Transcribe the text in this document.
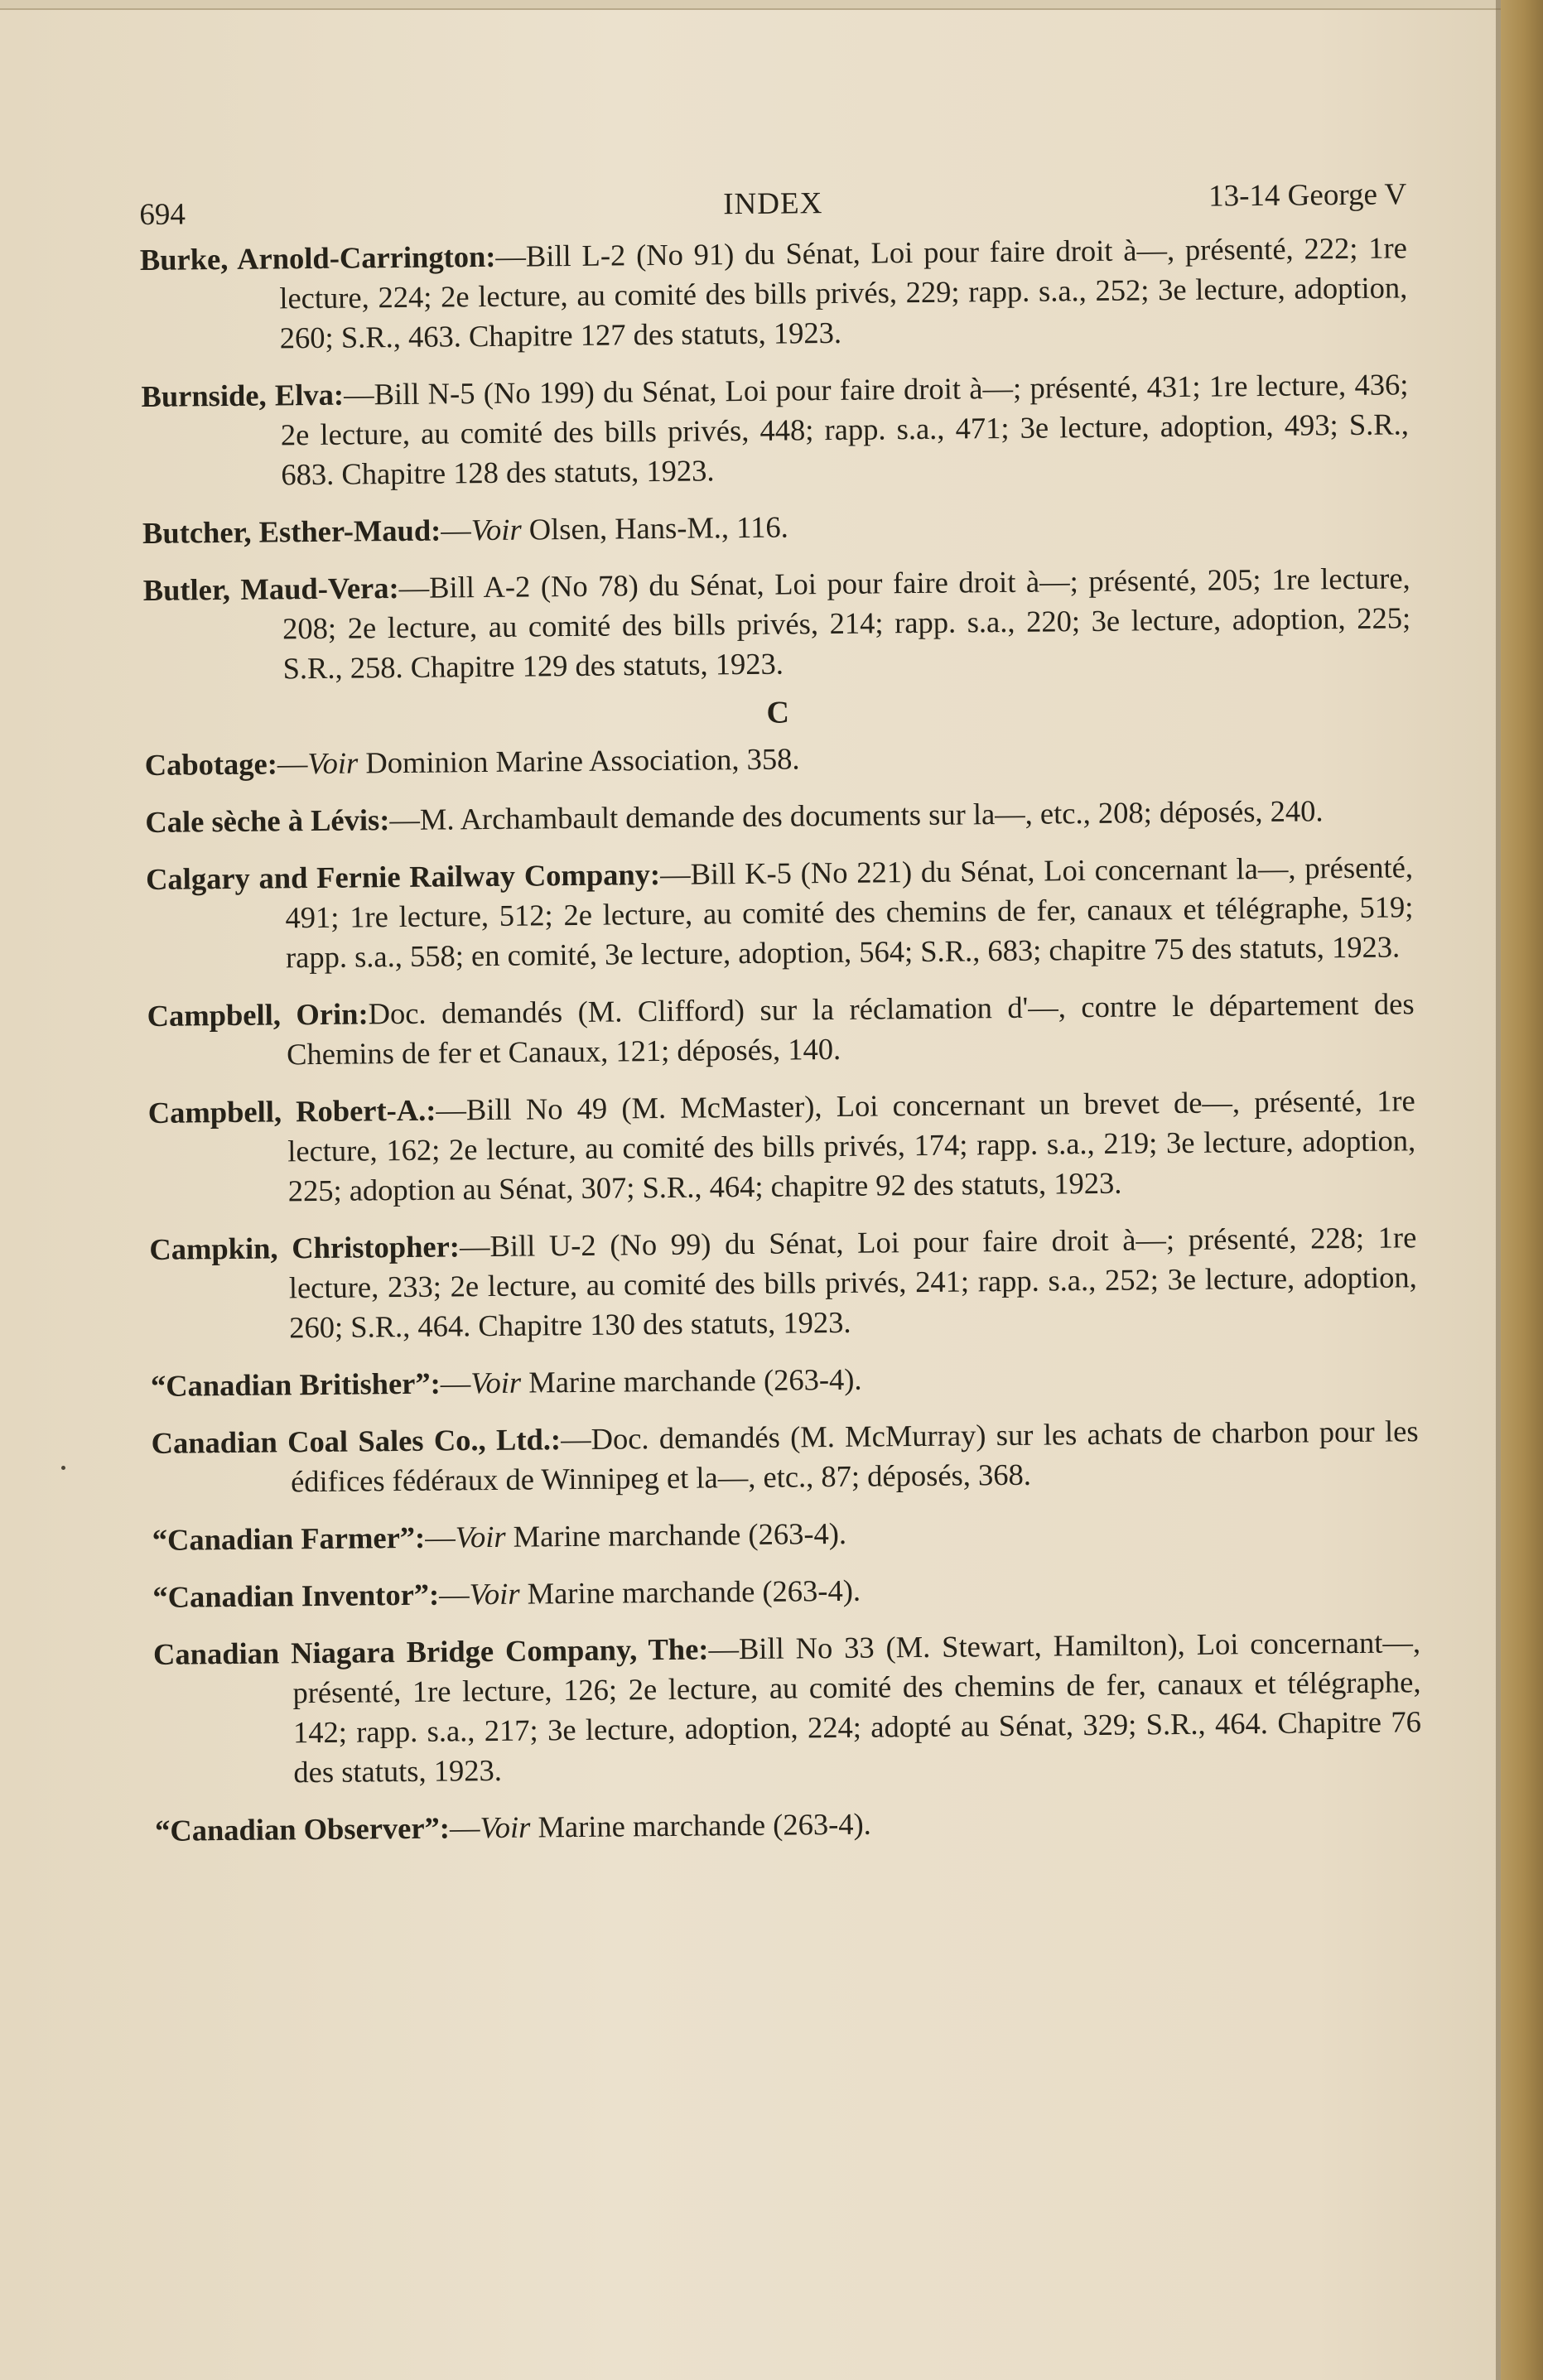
694	INDEX	13-14 George V

Burke, Arnold-Carrington:—Bill L-2 (No 91) du Sénat, Loi pour faire droit à—, présenté, 222; 1re lecture, 224; 2e lecture, au comité des bills privés, 229; rapp. s.a., 252; 3e lecture, adoption, 260; S.R., 463. Chapitre 127 des statuts, 1923.

Burnside, Elva:—Bill N-5 (No 199) du Sénat, Loi pour faire droit à—; présenté, 431; 1re lecture, 436; 2e lecture, au comité des bills privés, 448; rapp. s.a., 471; 3e lecture, adoption, 493; S.R., 683. Chapitre 128 des statuts, 1923.

Butcher, Esther-Maud:—Voir Olsen, Hans-M., 116.

Butler, Maud-Vera:—Bill A-2 (No 78) du Sénat, Loi pour faire droit à—; présenté, 205; 1re lecture, 208; 2e lecture, au comité des bills privés, 214; rapp. s.a., 220; 3e lecture, adoption, 225; S.R., 258. Chapitre 129 des statuts, 1923.

C

Cabotage:—Voir Dominion Marine Association, 358.

Cale sèche à Lévis:—M. Archambault demande des documents sur la—, etc., 208; déposés, 240.

Calgary and Fernie Railway Company:—Bill K-5 (No 221) du Sénat, Loi concernant la—, présenté, 491; 1re lecture, 512; 2e lecture, au comité des chemins de fer, canaux et télégraphe, 519; rapp. s.a., 558; en comité, 3e lecture, adoption, 564; S.R., 683; chapitre 75 des statuts, 1923.

Campbell, Orin:Doc. demandés (M. Clifford) sur la réclamation d'—, contre le département des Chemins de fer et Canaux, 121; déposés, 140.

Campbell, Robert-A.:—Bill No 49 (M. McMaster), Loi concernant un brevet de—, présenté, 1re lecture, 162; 2e lecture, au comité des bills privés, 174; rapp. s.a., 219; 3e lecture, adoption, 225; adoption au Sénat, 307; S.R., 464; chapitre 92 des statuts, 1923.

Campkin, Christopher:—Bill U-2 (No 99) du Sénat, Loi pour faire droit à—; présenté, 228; 1re lecture, 233; 2e lecture, au comité des bills privés, 241; rapp. s.a., 252; 3e lecture, adoption, 260; S.R., 464. Chapitre 130 des statuts, 1923.

“Canadian Britisher”:—Voir Marine marchande (263-4).

Canadian Coal Sales Co., Ltd.:—Doc. demandés (M. McMurray) sur les achats de charbon pour les édifices fédéraux de Winnipeg et la—, etc., 87; déposés, 368.

“Canadian Farmer”:—Voir Marine marchande (263-4).

“Canadian Inventor”:—Voir Marine marchande (263-4).

Canadian Niagara Bridge Company, The:—Bill No 33 (M. Stewart, Hamilton), Loi concernant—, présenté, 1re lecture, 126; 2e lecture, au comité des chemins de fer, canaux et télégraphe, 142; rapp. s.a., 217; 3e lecture, adoption, 224; adopté au Sénat, 329; S.R., 464. Chapitre 76 des statuts, 1923.

“Canadian Observer”:—Voir Marine marchande (263-4).
